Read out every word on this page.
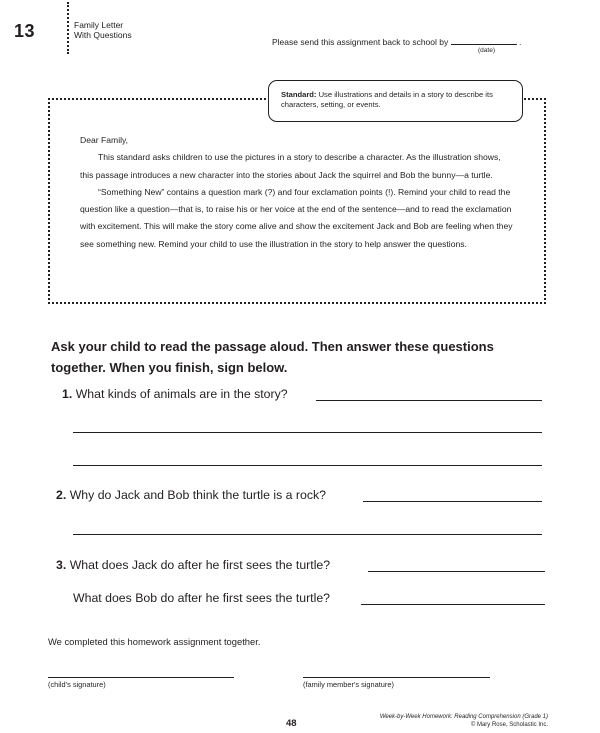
13	Family Letter
With Questions
Please send this assignment back to school by	.
(date)
Standard: Use illustrations and details in a story to describe its characters, setting, or events.

Dear Family,

This standard asks children to use the pictures in a story to describe a character. As the illustration shows, this passage introduces a new character into the stories about Jack the squirrel and Bob the bunny—a turtle.

“Something New” contains a question mark (?) and four exclamation points (!). Remind your child to read the question like a question—that is, to raise his or her voice at the end of the sentence—and to read the exclamation with excitement. This will make the story come alive and show the excitement Jack and Bob are feeling when they see something new. Remind your child to use the illustration in the story to help answer the questions.

Ask your child to read the passage aloud. Then answer these questions together. When you finish, sign below.
1. What kinds of animals are in the story?
2. Why do Jack and Bob think the turtle is a rock?
3. What does Jack do after he first sees the turtle?
What does Bob do after he first sees the turtle?
We completed this homework assignment together.
(child's signature)	(family member's signature)
48
Week-by-Week Homework: Reading Comprehension (Grade 1)
© Mary Rose, Scholastic Inc.
